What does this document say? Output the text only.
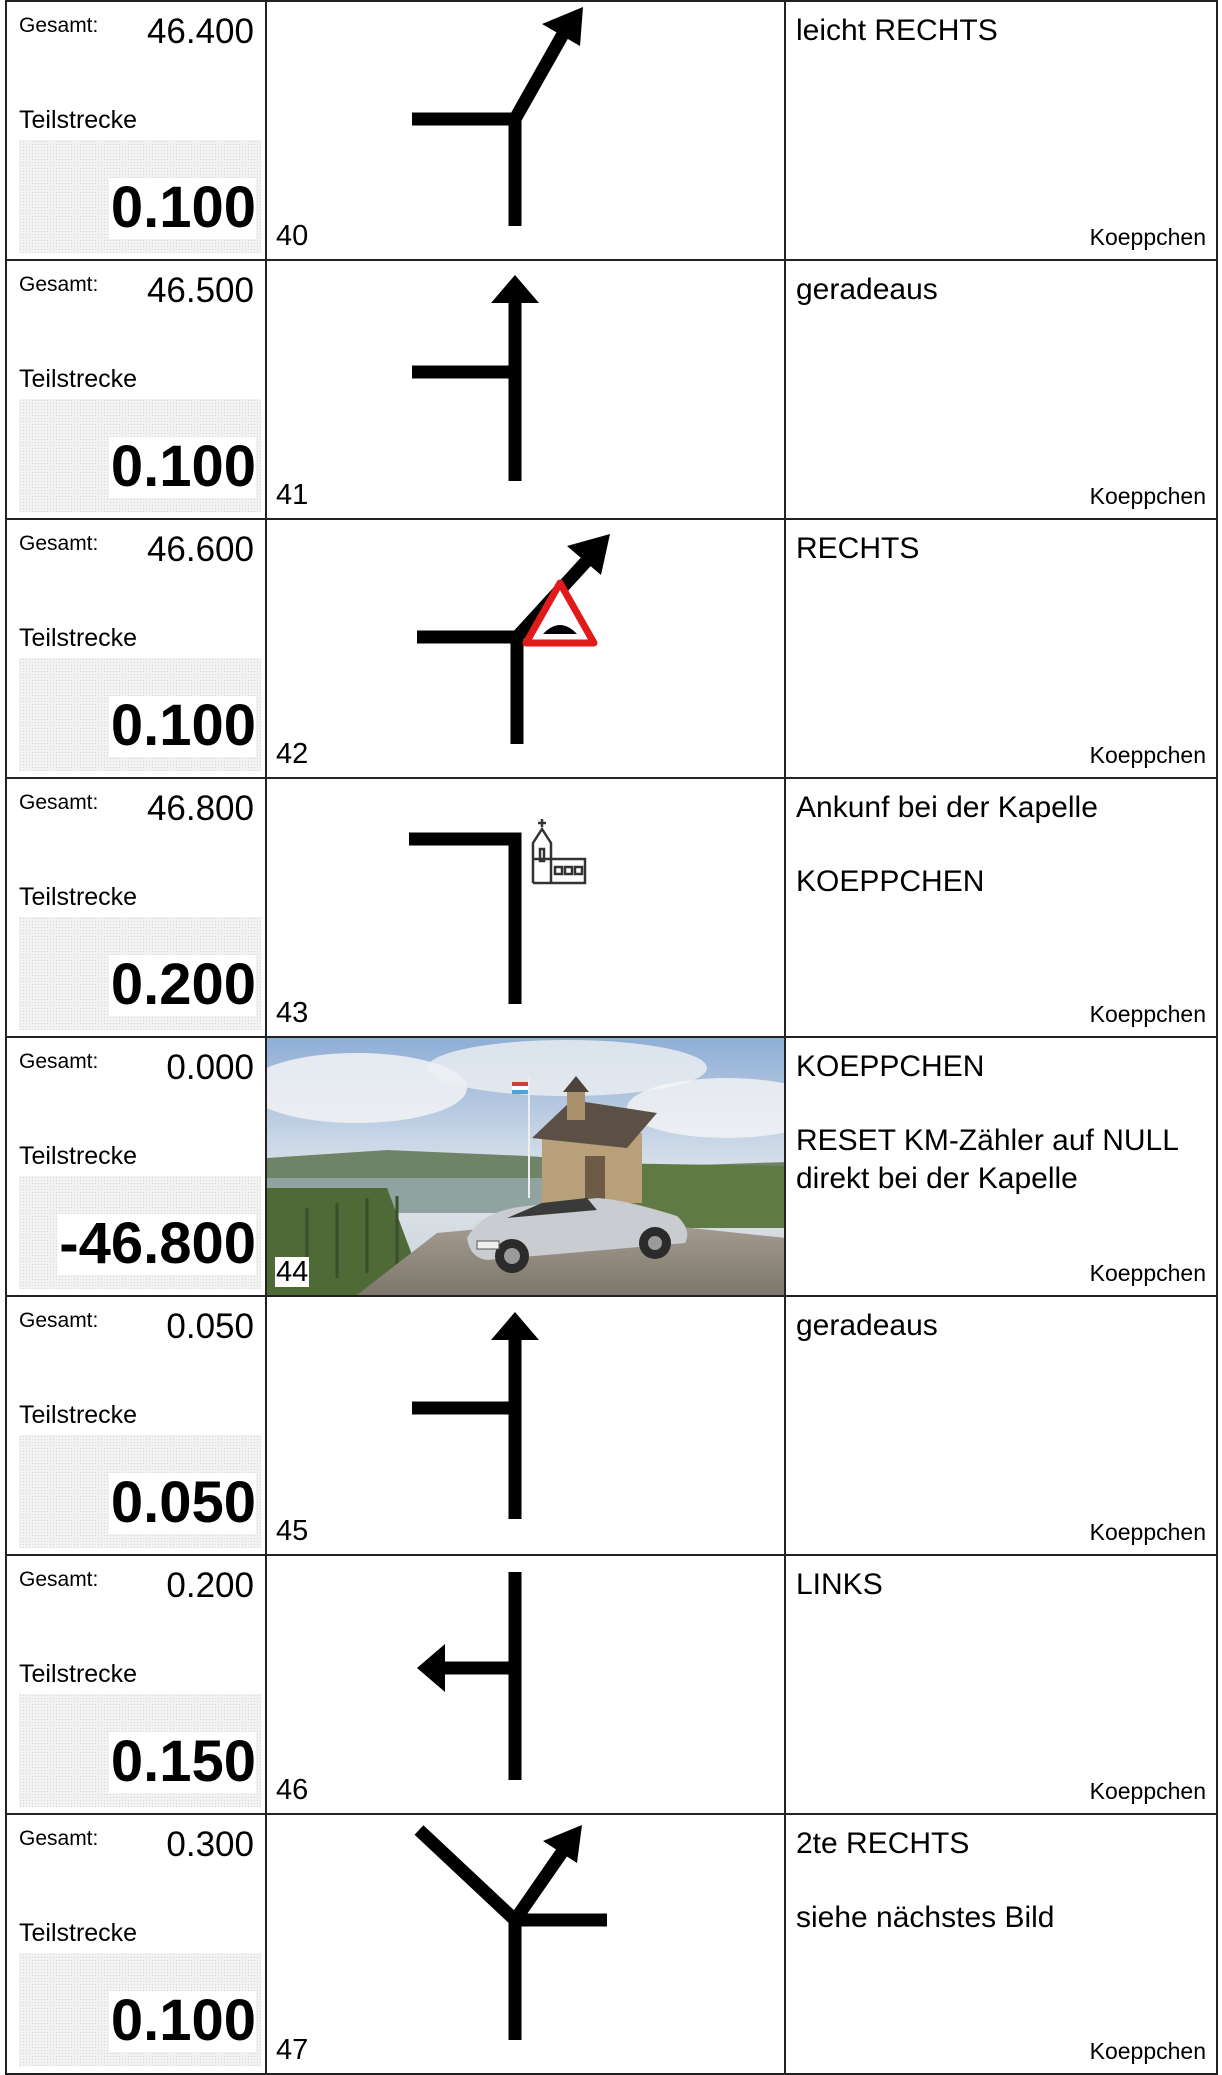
Gesamt: 46.400
Teilstrecke
0.100 40
leicht RECHTS
Koeppchen
Gesamt: 46.500
Teilstrecke
0.100 41
geradeaus
Koeppchen
Gesamt: 46.600
Teilstrecke
0.100 42
RECHTS
Koeppchen
Gesamt: 46.800
Teilstrecke
0.200 43
Ankunf bei der Kapelle
KOEPPCHEN
Koeppchen
Gesamt: 0.000
Teilstrecke
-46.800 44
KOEPPCHEN
RESET KM-Zähler auf NULL direkt bei der Kapelle
Koeppchen
Gesamt: 0.050
Teilstrecke
0.050 45
geradeaus
Koeppchen
Gesamt: 0.200
Teilstrecke
0.150 46
LINKS
Koeppchen
Gesamt: 0.300
Teilstrecke
0.100 47
2te RECHTS
siehe nächstes Bild
Koeppchen
